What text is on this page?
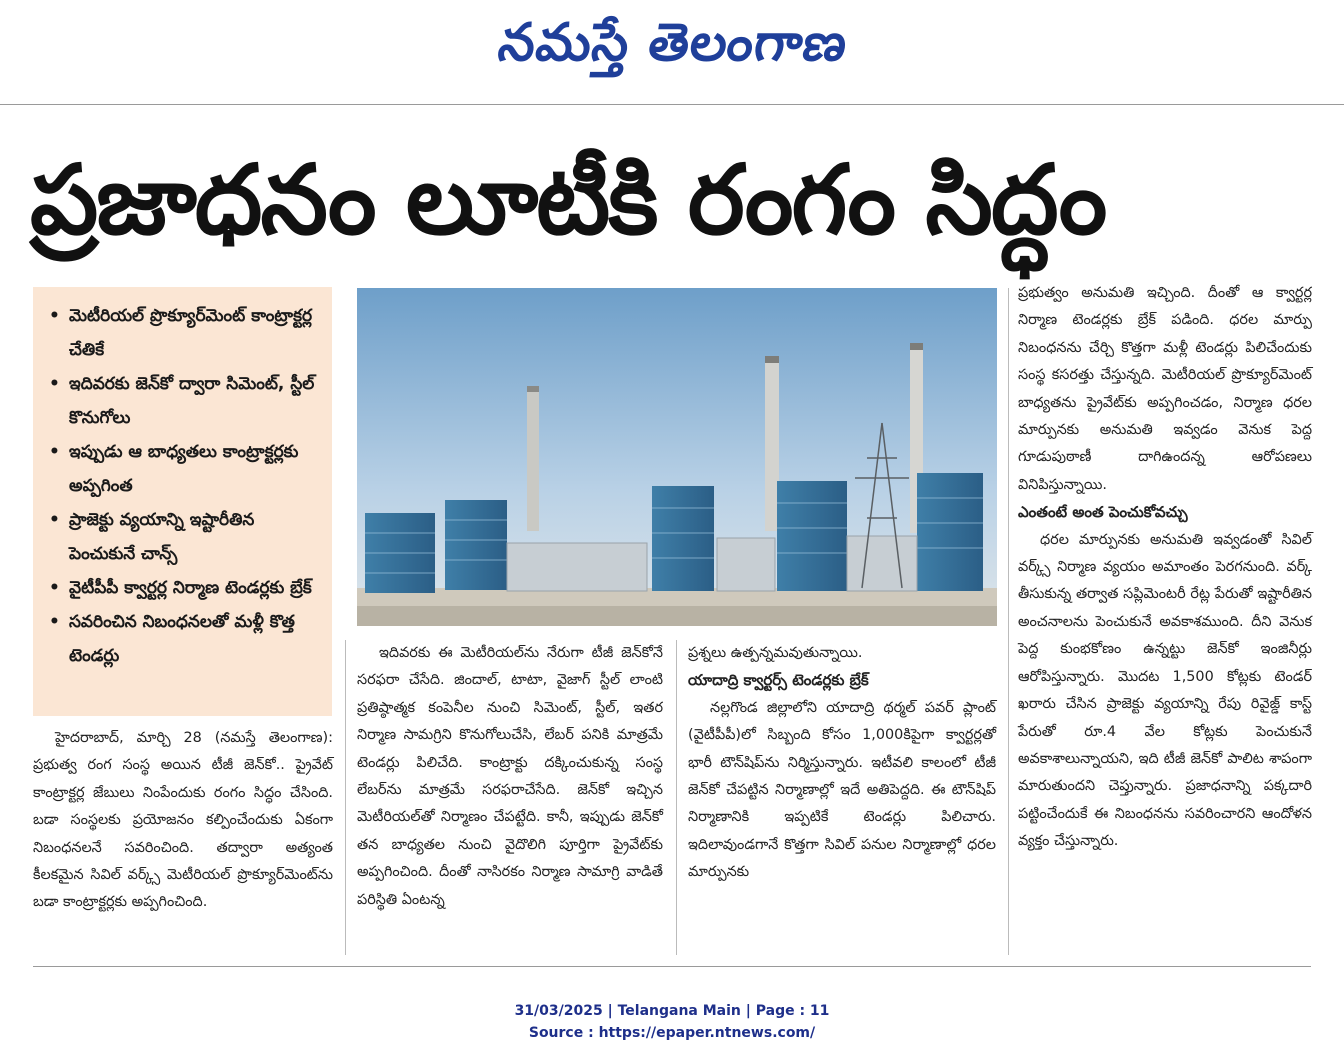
నమస్తే తెలంగాణ
ప్రజాధనం లూటీకి రంగం సిద్ధం
• మెటీరియల్ ప్రొక్యూర్‌మెంట్ కాంట్రాక్టర్ల చేతికే
• ఇదివరకు జెన్‌కో ద్వారా సిమెంట్, స్టీల్ కొనుగోలు
• ఇప్పుడు ఆ బాధ్యతలు కాంట్రాక్టర్లకు అప్పగింత
• ప్రాజెక్టు వ్యయాన్ని ఇష్టారీతిన పెంచుకునే చాన్స్
• వైటీపీపీ క్వార్టర్ల నిర్మాణ టెండర్లకు బ్రేక్
• సవరించిన నిబంధనలతో మళ్లీ కొత్త టెండర్లు

హైదరాబాద్, మార్చి 28 (నమస్తే తెలంగాణ): ప్రభుత్వ రంగ సంస్థ అయిన టీజీ జెన్‌కో.. ప్రైవేట్ కాంట్రాక్టర్ల జేబులు నింపేందుకు రంగం సిద్ధం చేసింది. బడా సంస్థలకు ప్రయోజనం కల్పించేందుకు ఏకంగా నిబంధనలనే సవరించింది. తద్వారా అత్యంత కీలకమైన సివిల్ వర్క్స్ మెటీరియల్ ప్రొక్యూర్‌మెంట్‌ను బడా కాంట్రాక్టర్లకు అప్పగించింది.

ఇదివరకు ఈ మెటీరియల్‌ను నేరుగా టీజీ జెన్‌కోనే సరఫరా చేసేది. జిందాల్, టాటా, వైజాగ్ స్టీల్ లాంటి ప్రతిష్ఠాత్మక కంపెనీల నుంచి సిమెంట్, స్టీల్, ఇతర నిర్మాణ సామగ్రిని కొనుగోలుచేసి, లేబర్ పనికి మాత్రమే టెండర్లు పిలిచేది. కాంట్రాక్టు దక్కించుకున్న సంస్థ లేబర్‌ను మాత్రమే సరఫరాచేసేది. జెన్‌కో ఇచ్చిన మెటీరియల్‌తో నిర్మాణం చేపట్టేది. కానీ, ఇప్పుడు జెన్‌కో తన బాధ్యతల నుంచి వైదొలిగి పూర్తిగా ప్రైవేట్‌కు అప్పగించింది. దీంతో నాసిరకం నిర్మాణ సామాగ్రి వాడితే పరిస్థితి ఏంటన్న

ప్రశ్నలు ఉత్పన్నమవుతున్నాయి.

యాదాద్రి క్వార్టర్స్ టెండర్లకు బ్రేక్

నల్లగొండ జిల్లాలోని యాదాద్రి థర్మల్ పవర్ ప్లాంట్ (వైటీపీపీ)లో సిబ్బంది కోసం 1,000కిపైగా క్వార్టర్లతో భారీ టౌన్‌షిప్‌ను నిర్మిస్తున్నారు. ఇటీవలి కాలంలో టీజీ జెన్‌కో చేపట్టిన నిర్మాణాల్లో ఇదే అతిపెద్దది. ఈ టౌన్‌షిప్ నిర్మాణానికి ఇప్పటికే టెండర్లు పిలిచారు. ఇదిలావుండగానే కొత్తగా సివిల్ పనుల నిర్మాణాల్లో ధరల మార్పునకు

ప్రభుత్వం అనుమతి ఇచ్చింది. దీంతో ఆ క్వార్టర్ల నిర్మాణ టెండర్లకు బ్రేక్ పడింది. ధరల మార్పు నిబంధనను చేర్చి కొత్తగా మళ్లీ టెండర్లు పిలిచేందుకు సంస్థ కసరత్తు చేస్తున్నది. మెటీరియల్ ప్రొక్యూర్‌మెంట్ బాధ్యతను ప్రైవేట్‌కు అప్పగించడం, నిర్మాణ ధరల మార్పునకు అనుమతి ఇవ్వడం వెనుక పెద్ద గూడుపుఠాణీ దాగిఉందన్న ఆరోపణలు వినిపిస్తున్నాయి.

ఎంతంటే అంత పెంచుకోవచ్చు

ధరల మార్పునకు అనుమతి ఇవ్వడంతో సివిల్ వర్క్స్ నిర్మాణ వ్యయం అమాంతం పెరగనుంది. వర్క్ తీసుకున్న తర్వాత సప్లిమెంటరీ రేట్ల పేరుతో ఇష్టారీతిన అంచనాలను పెంచుకునే అవకాశముంది. దీని వెనుక పెద్ద కుంభకోణం ఉన్నట్టు జెన్‌కో ఇంజినీర్లు ఆరోపిస్తున్నారు. మొదట 1,500 కోట్లకు టెండర్ ఖరారు చేసిన ప్రాజెక్టు వ్యయాన్ని రేపు రివైజ్డ్ కాస్ట్ పేరుతో రూ.4 వేల కోట్లకు పెంచుకునే అవకాశాలున్నాయని, ఇది టీజీ జెన్‌కో పాలిట శాపంగా మారుతుందని చెప్తున్నారు. ప్రజాధనాన్ని పక్కదారి పట్టించేందుకే ఈ నిబంధనను సవరించారని ఆందోళన వ్యక్తం చేస్తున్నారు.

31/03/2025 | Telangana Main | Page : 11
Source : https://epaper.ntnews.com/
